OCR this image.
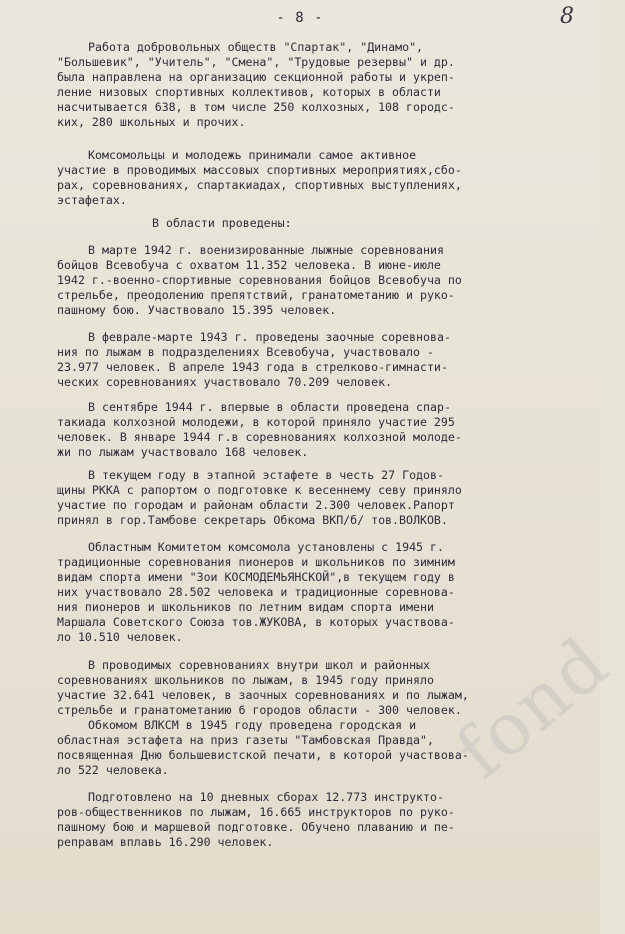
- 8 -	8

Работа добровольных обществ "Спартак", "Динамо",

"Большевик", "Учитель", "Смена", "Трудовые резервы" и др.

была направлена на организацию секционной работы и укреп-

ление низовых спортивных коллективов, которых в области

насчитывается 638, в том числе 250 колхозных, 108 городс-

ких, 280 школьных и прочих.

Комсомольцы и молодежь принимали самое активное

участие в проводимых массовых спортивных мероприятиях,сбо-

рах, соревнованиях, спартакиадах, спортивных выступлениях,

эстафетах.

В области проведены:

В марте 1942 г. военизированные лыжные соревнования

бойцов Всевобуча с охватом 11.352 человека. В июне-июле

1942 г.-военно-спортивные соревнования бойцов Всевобуча по

стрельбе, преодолению препятствий, гранатометанию и руко-

пашному бою. Участвовало 15.395 человек.

В феврале-марте 1943 г. проведены заочные соревнова-

ния по лыжам в подразделениях Всевобуча, участвовало -

23.977 человек. В апреле 1943 года в стрелково-гимнасти-

ческих соревнованиях участвовало 70.209 человек.

В сентябре 1944 г. впервые в области проведена спар-

такиада колхозной молодежи, в которой приняло участие 295

человек. В январе 1944 г.в соревнованиях колхозной молоде-

жи по лыжам участвовало 168 человек.

В текущем году в этапной эстафете в честь 27 Годов-

щины РККА с рапортом о подготовке к весеннему севу приняло

участие по городам и районам области 2.300 человек.Рапорт

принял в гор.Тамбове секретарь Обкома ВКП/б/ тов.ВОЛКОВ.

Областным Комитетом комсомола установлены с 1945 г.

традиционные соревнования пионеров и школьников по зимним

видам спорта имени "Зои КОСМОДЕМЬЯНСКОЙ",в текущем году в

них участвовало 28.502 человека и традиционные соревнова-

ния пионеров и школьников по летним видам спорта имени

Маршала Советского Союза тов.ЖУКОВА, в которых участвова-

ло 10.510 человек.

В проводимых соревнованиях внутри школ и районных

соревнованиях школьников по лыжам, в 1945 году приняло

участие 32.641 человек, в заочных соревнованиях и по лыжам,

стрельбе и гранатометанию 6 городов области - 300 человек.

Обкомом ВЛКСМ в 1945 году проведена городская и

областная эстафета на приз газеты "Тамбовская Правда",

посвященная Дню большевистской печати, в которой участвова-

ло 522 человека.

Подготовлено на 10 дневных сборах 12.773 инструкто-

ров-общественников по лыжам, 16.665 инструкторов по руко-

пашному бою и маршевой подготовке. Обучено плаванию и пе-

реправам вплавь 16.290 человек.

fond
